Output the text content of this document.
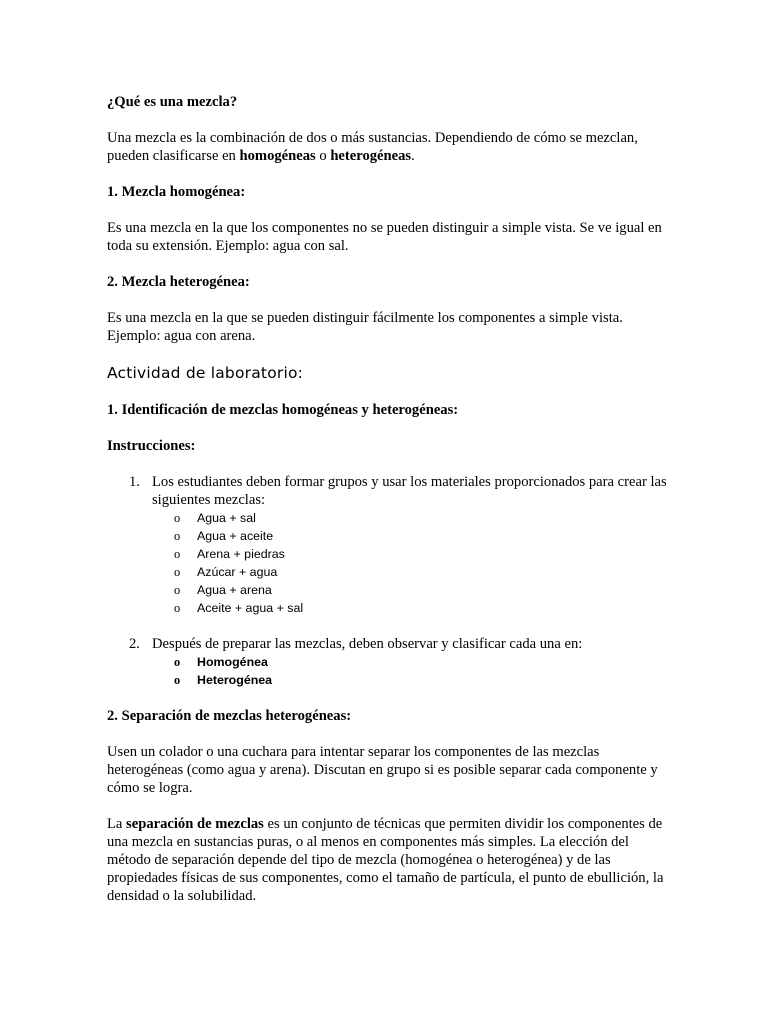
¿Qué es una mezcla?

Una mezcla es la combinación de dos o más sustancias. Dependiendo de cómo se mezclan, pueden clasificarse en homogéneas o heterogéneas.

1. Mezcla homogénea:

Es una mezcla en la que los componentes no se pueden distinguir a simple vista. Se ve igual en toda su extensión. Ejemplo: agua con sal.

2. Mezcla heterogénea:

Es una mezcla en la que se pueden distinguir fácilmente los componentes a simple vista. Ejemplo: agua con arena.

Actividad de laboratorio:

1. Identificación de mezclas homogéneas y heterogéneas:

Instrucciones:

1. Los estudiantes deben formar grupos y usar los materiales proporcionados para crear las siguientes mezclas:
o Agua + sal
o Agua + aceite
o Arena + piedras
o Azúcar + agua
o Agua + arena
o Aceite + agua + sal
2. Después de preparar las mezclas, deben observar y clasificar cada una en:
o Homogénea
o Heterogénea

2. Separación de mezclas heterogéneas:

Usen un colador o una cuchara para intentar separar los componentes de las mezclas heterogéneas (como agua y arena). Discutan en grupo si es posible separar cada componente y cómo se logra.

La separación de mezclas es un conjunto de técnicas que permiten dividir los componentes de una mezcla en sustancias puras, o al menos en componentes más simples. La elección del método de separación depende del tipo de mezcla (homogénea o heterogénea) y de las propiedades físicas de sus componentes, como el tamaño de partícula, el punto de ebullición, la densidad o la solubilidad.
